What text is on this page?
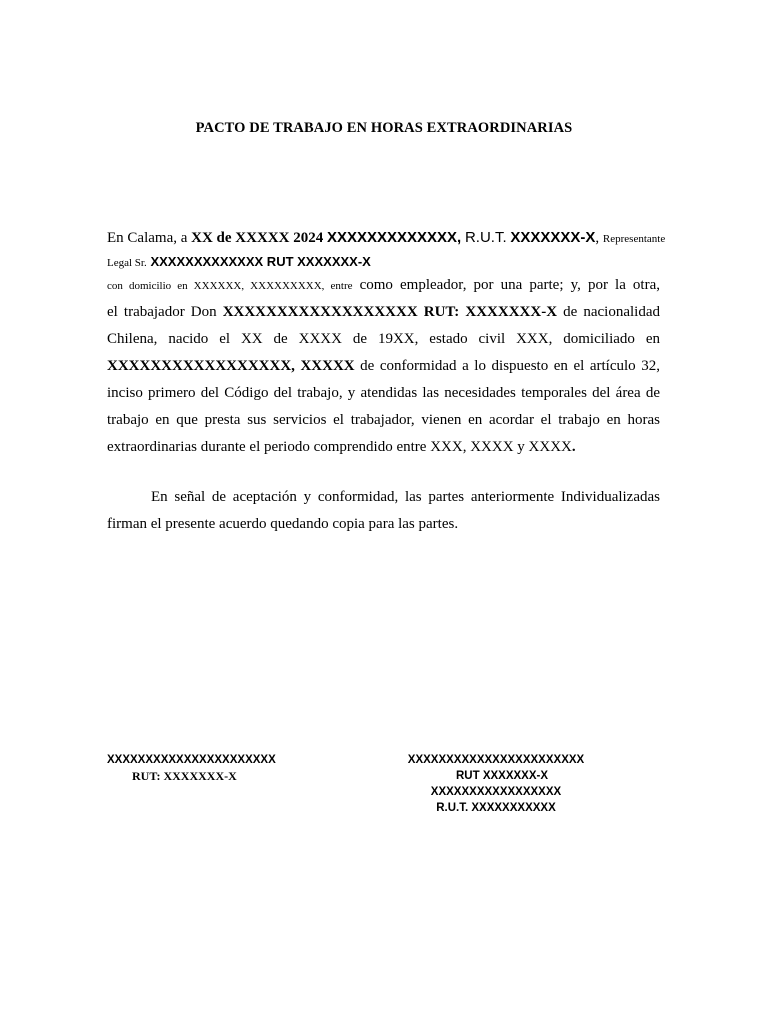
PACTO DE TRABAJO EN HORAS EXTRAORDINARIAS
En Calama, a XX de XXXXX 2024 XXXXXXXXXXXXX, R.U.T. XXXXXXX-X, Representante
Legal Sr. XXXXXXXXXXXXX RUT XXXXXXX-X
con domicilio en XXXXXX, XXXXXXXXX, entre como empleador, por una parte; y, por la otra,
el trabajador Don XXXXXXXXXXXXXXXXXX RUT: XXXXXXX-X de nacionalidad
Chilena, nacido el XX de XXXX de 19XX, estado civil XXX, domiciliado en
XXXXXXXXXXXXXXXXX, XXXXX de conformidad a lo dispuesto en el artículo 32,
inciso primero del Código del trabajo, y atendidas las necesidades temporales del área de
trabajo en que presta sus servicios el trabajador, vienen en acordar el trabajo en horas
extraordinarias durante el periodo comprendido entre XXX, XXXX y XXXX.
En señal de aceptación y conformidad, las partes anteriormente Individualizadas firman el presente acuerdo quedando copia para las partes.
XXXXXXXXXXXXXXXXXXXXXX
RUT: XXXXXXX-X
XXXXXXXXXXXXXXXXXXXXXXX
RUT XXXXXXX-X
XXXXXXXXXXXXXXXXX
R.U.T. XXXXXXXXXXX
